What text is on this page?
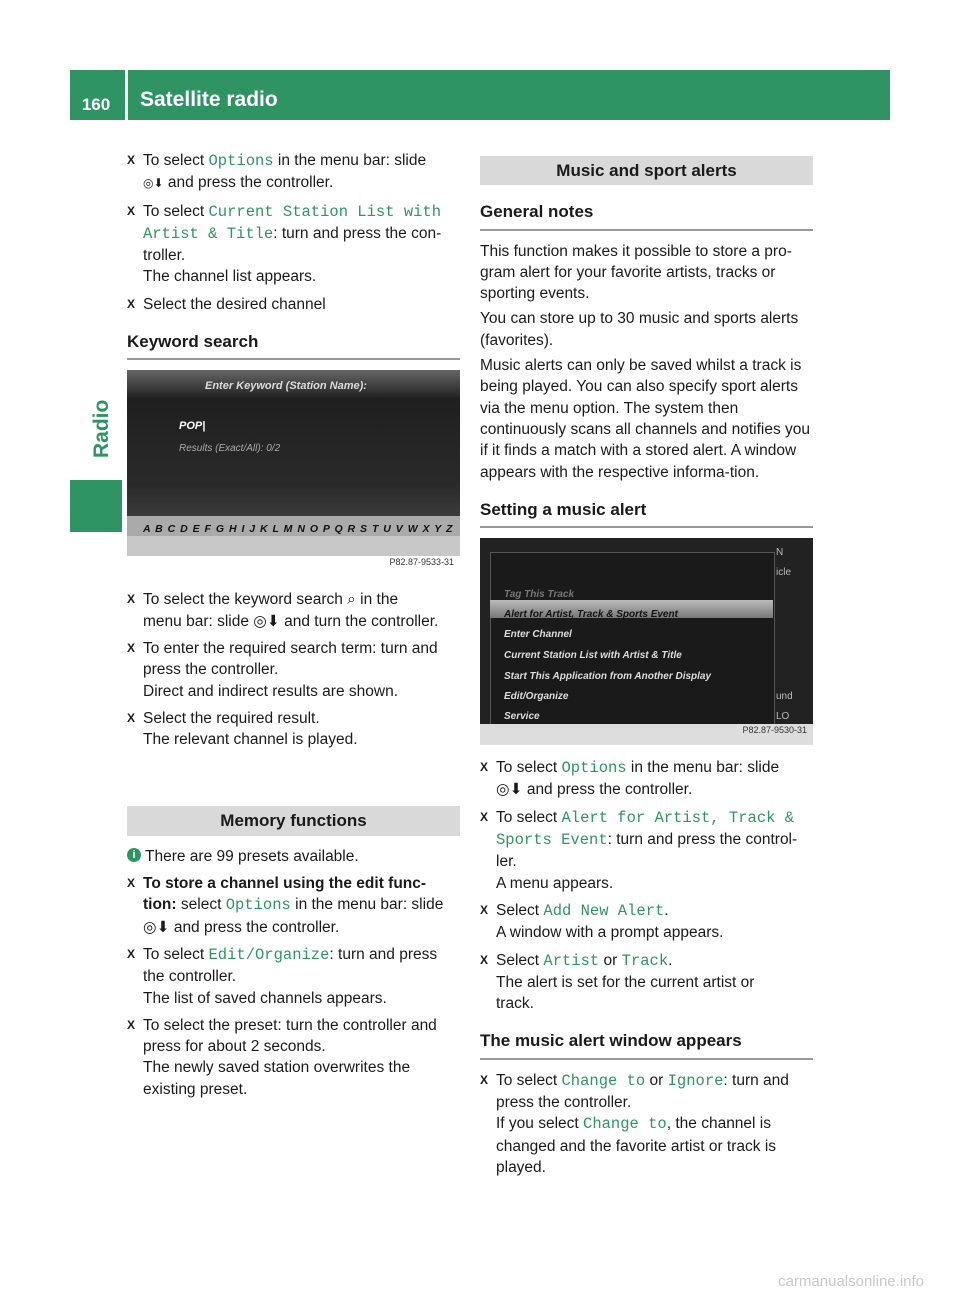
160	Satellite radio
Radio
X To select Options in the menu bar: slide
◎⬇ and press the controller.
X To select Current Station List with
Artist & Title: turn and press the con-
troller.
The channel list appears.
X Select the desired channel
Keyword search
Enter Keyword (Station Name):
POP|
Results (Exact/All): 0/2
A B C D E F G H I J K L M N O P Q R S T U V W X Y Z
P82.87-9533-31
X To select the keyword search ⌕ in the
menu bar: slide ◎⬇ and turn the controller.
X To enter the required search term: turn and
press the controller.
Direct and indirect results are shown.
X Select the required result.
The relevant channel is played.
Memory functions
i There are 99 presets available.
X To store a channel using the edit func-
tion: select Options in the menu bar: slide
◎⬇ and press the controller.
X To select Edit/Organize: turn and press
the controller.
The list of saved channels appears.
X To select the preset: turn the controller and
press for about 2 seconds.
The newly saved station overwrites the
existing preset.
Music and sport alerts
General notes

This function makes it possible to store a pro-gram alert for your favorite artists, tracks or sporting events.

You can store up to 30 music and sports alerts (favorites).

Music alerts can only be saved whilst a track is being played. You can also specify sport alerts via the menu option. The system then continuously scans all channels and notifies you if it finds a match with a stored alert. A window appears with the respective informa-tion.

Setting a music alert
Tag This Track
Alert for Artist, Track & Sports Event
Enter Channel
Current Station List with Artist & Title
Start This Application from Another Display
Edit/Organize
Service
N
icle
und
LO
P82.87-9530-31
X To select Options in the menu bar: slide
◎⬇ and press the controller.
X To select Alert for Artist, Track &
Sports Event: turn and press the control-
ler.
A menu appears.
X Select Add New Alert.
A window with a prompt appears.
X Select Artist or Track.
The alert is set for the current artist or
track.
The music alert window appears
X To select Change to or Ignore: turn and
press the controller.
If you select Change to, the channel is
changed and the favorite artist or track is
played.
carmanualsonline.info
